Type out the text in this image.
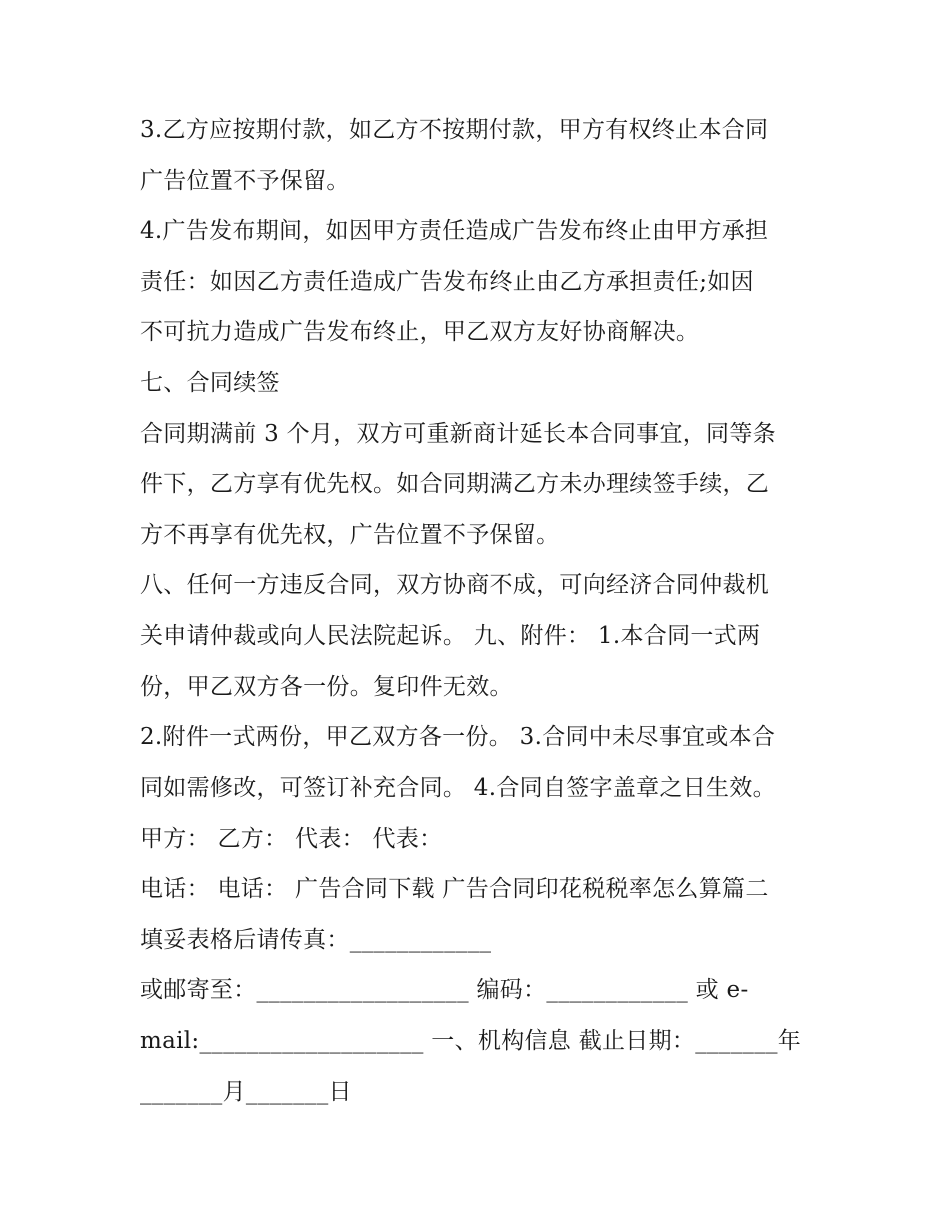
3.乙方应按期付款，如乙方不按期付款，甲方有权终止本合同

广告位置不予保留。

4.广告发布期间，如因甲方责任造成广告发布终止由甲方承担

责任：如因乙方责任造成广告发布终止由乙方承担责任;如因

不可抗力造成广告发布终止，甲乙双方友好协商解决。

七、合同续签

合同期满前 3 个月，双方可重新商计延长本合同事宜，同等条

件下，乙方享有优先权。如合同期满乙方未办理续签手续，乙

方不再享有优先权，广告位置不予保留。

八、任何一方违反合同，双方协商不成，可向经济合同仲裁机

关申请仲裁或向人民法院起诉。 九、附件： 1.本合同一式两

份，甲乙双方各一份。复印件无效。

2.附件一式两份，甲乙双方各一份。 3.合同中未尽事宜或本合

同如需修改，可签订补充合同。 4.合同自签字盖章之日生效。

甲方： 乙方： 代表： 代表：

电话： 电话： 广告合同下载 广告合同印花税税率怎么算篇二

填妥表格后请传真：____________

或邮寄至：__________________ 编码：____________ 或 e-

mail:___________________ 一、机构信息 截止日期：_______年

_______月_______日
